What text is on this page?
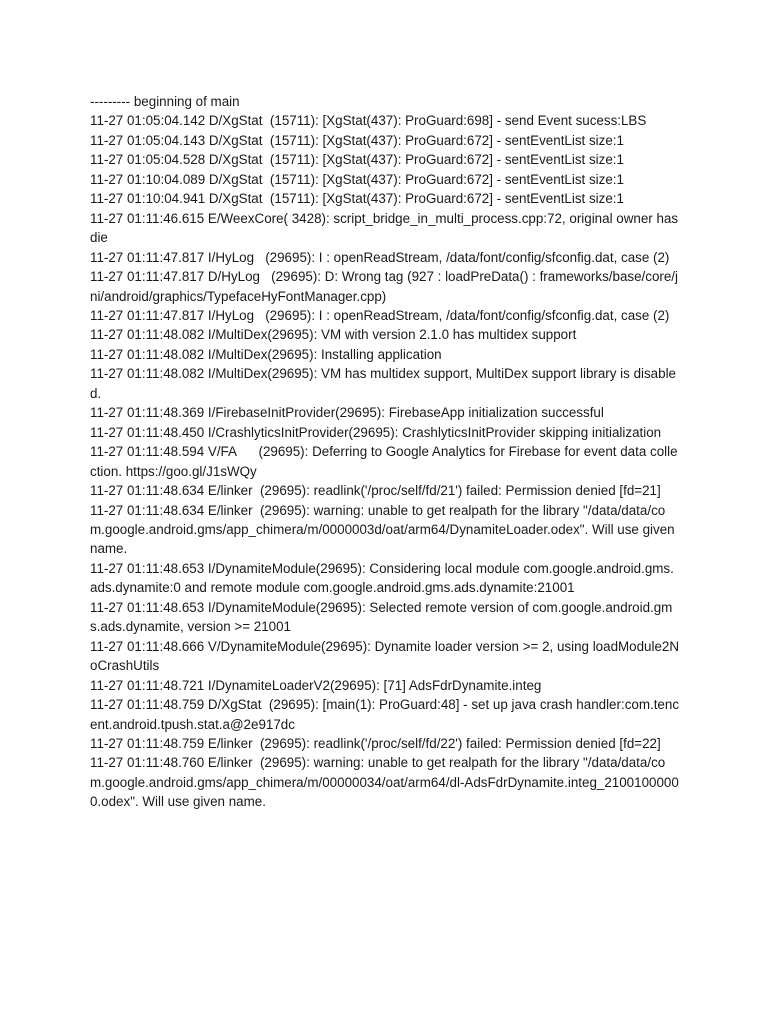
--------- beginning of main
11-27 01:05:04.142 D/XgStat  (15711): [XgStat(437): ProGuard:698] - send Event sucess:LBS
11-27 01:05:04.143 D/XgStat  (15711): [XgStat(437): ProGuard:672] - sentEventList size:1
11-27 01:05:04.528 D/XgStat  (15711): [XgStat(437): ProGuard:672] - sentEventList size:1
11-27 01:10:04.089 D/XgStat  (15711): [XgStat(437): ProGuard:672] - sentEventList size:1
11-27 01:10:04.941 D/XgStat  (15711): [XgStat(437): ProGuard:672] - sentEventList size:1
11-27 01:11:46.615 E/WeexCore( 3428): script_bridge_in_multi_process.cpp:72, original owner has die
11-27 01:11:47.817 I/HyLog   (29695): I : openReadStream, /data/font/config/sfconfig.dat, case (2)
11-27 01:11:47.817 D/HyLog   (29695): D: Wrong tag (927 : loadPreData() : frameworks/base/core/jni/android/graphics/TypefaceHyFontManager.cpp)
11-27 01:11:47.817 I/HyLog   (29695): I : openReadStream, /data/font/config/sfconfig.dat, case (2)
11-27 01:11:48.082 I/MultiDex(29695): VM with version 2.1.0 has multidex support
11-27 01:11:48.082 I/MultiDex(29695): Installing application
11-27 01:11:48.082 I/MultiDex(29695): VM has multidex support, MultiDex support library is disabled.
11-27 01:11:48.369 I/FirebaseInitProvider(29695): FirebaseApp initialization successful
11-27 01:11:48.450 I/CrashlyticsInitProvider(29695): CrashlyticsInitProvider skipping initialization
11-27 01:11:48.594 V/FA      (29695): Deferring to Google Analytics for Firebase for event data collection. https://goo.gl/J1sWQy
11-27 01:11:48.634 E/linker  (29695): readlink('/proc/self/fd/21') failed: Permission denied [fd=21]
11-27 01:11:48.634 E/linker  (29695): warning: unable to get realpath for the library "/data/data/com.google.android.gms/app_chimera/m/0000003d/oat/arm64/DynamiteLoader.odex". Will use given name.
11-27 01:11:48.653 I/DynamiteModule(29695): Considering local module com.google.android.gms.ads.dynamite:0 and remote module com.google.android.gms.ads.dynamite:21001
11-27 01:11:48.653 I/DynamiteModule(29695): Selected remote version of com.google.android.gms.ads.dynamite, version >= 21001
11-27 01:11:48.666 V/DynamiteModule(29695): Dynamite loader version >= 2, using loadModule2NoCrashUtils
11-27 01:11:48.721 I/DynamiteLoaderV2(29695): [71] AdsFdrDynamite.integ
11-27 01:11:48.759 D/XgStat  (29695): [main(1): ProGuard:48] - set up java crash handler:com.tencent.android.tpush.stat.a@2e917dc
11-27 01:11:48.759 E/linker  (29695): readlink('/proc/self/fd/22') failed: Permission denied [fd=22]
11-27 01:11:48.760 E/linker  (29695): warning: unable to get realpath for the library "/data/data/com.google.android.gms/app_chimera/m/00000034/oat/arm64/dl-AdsFdrDynamite.integ_21001000000.odex". Will use given name.
